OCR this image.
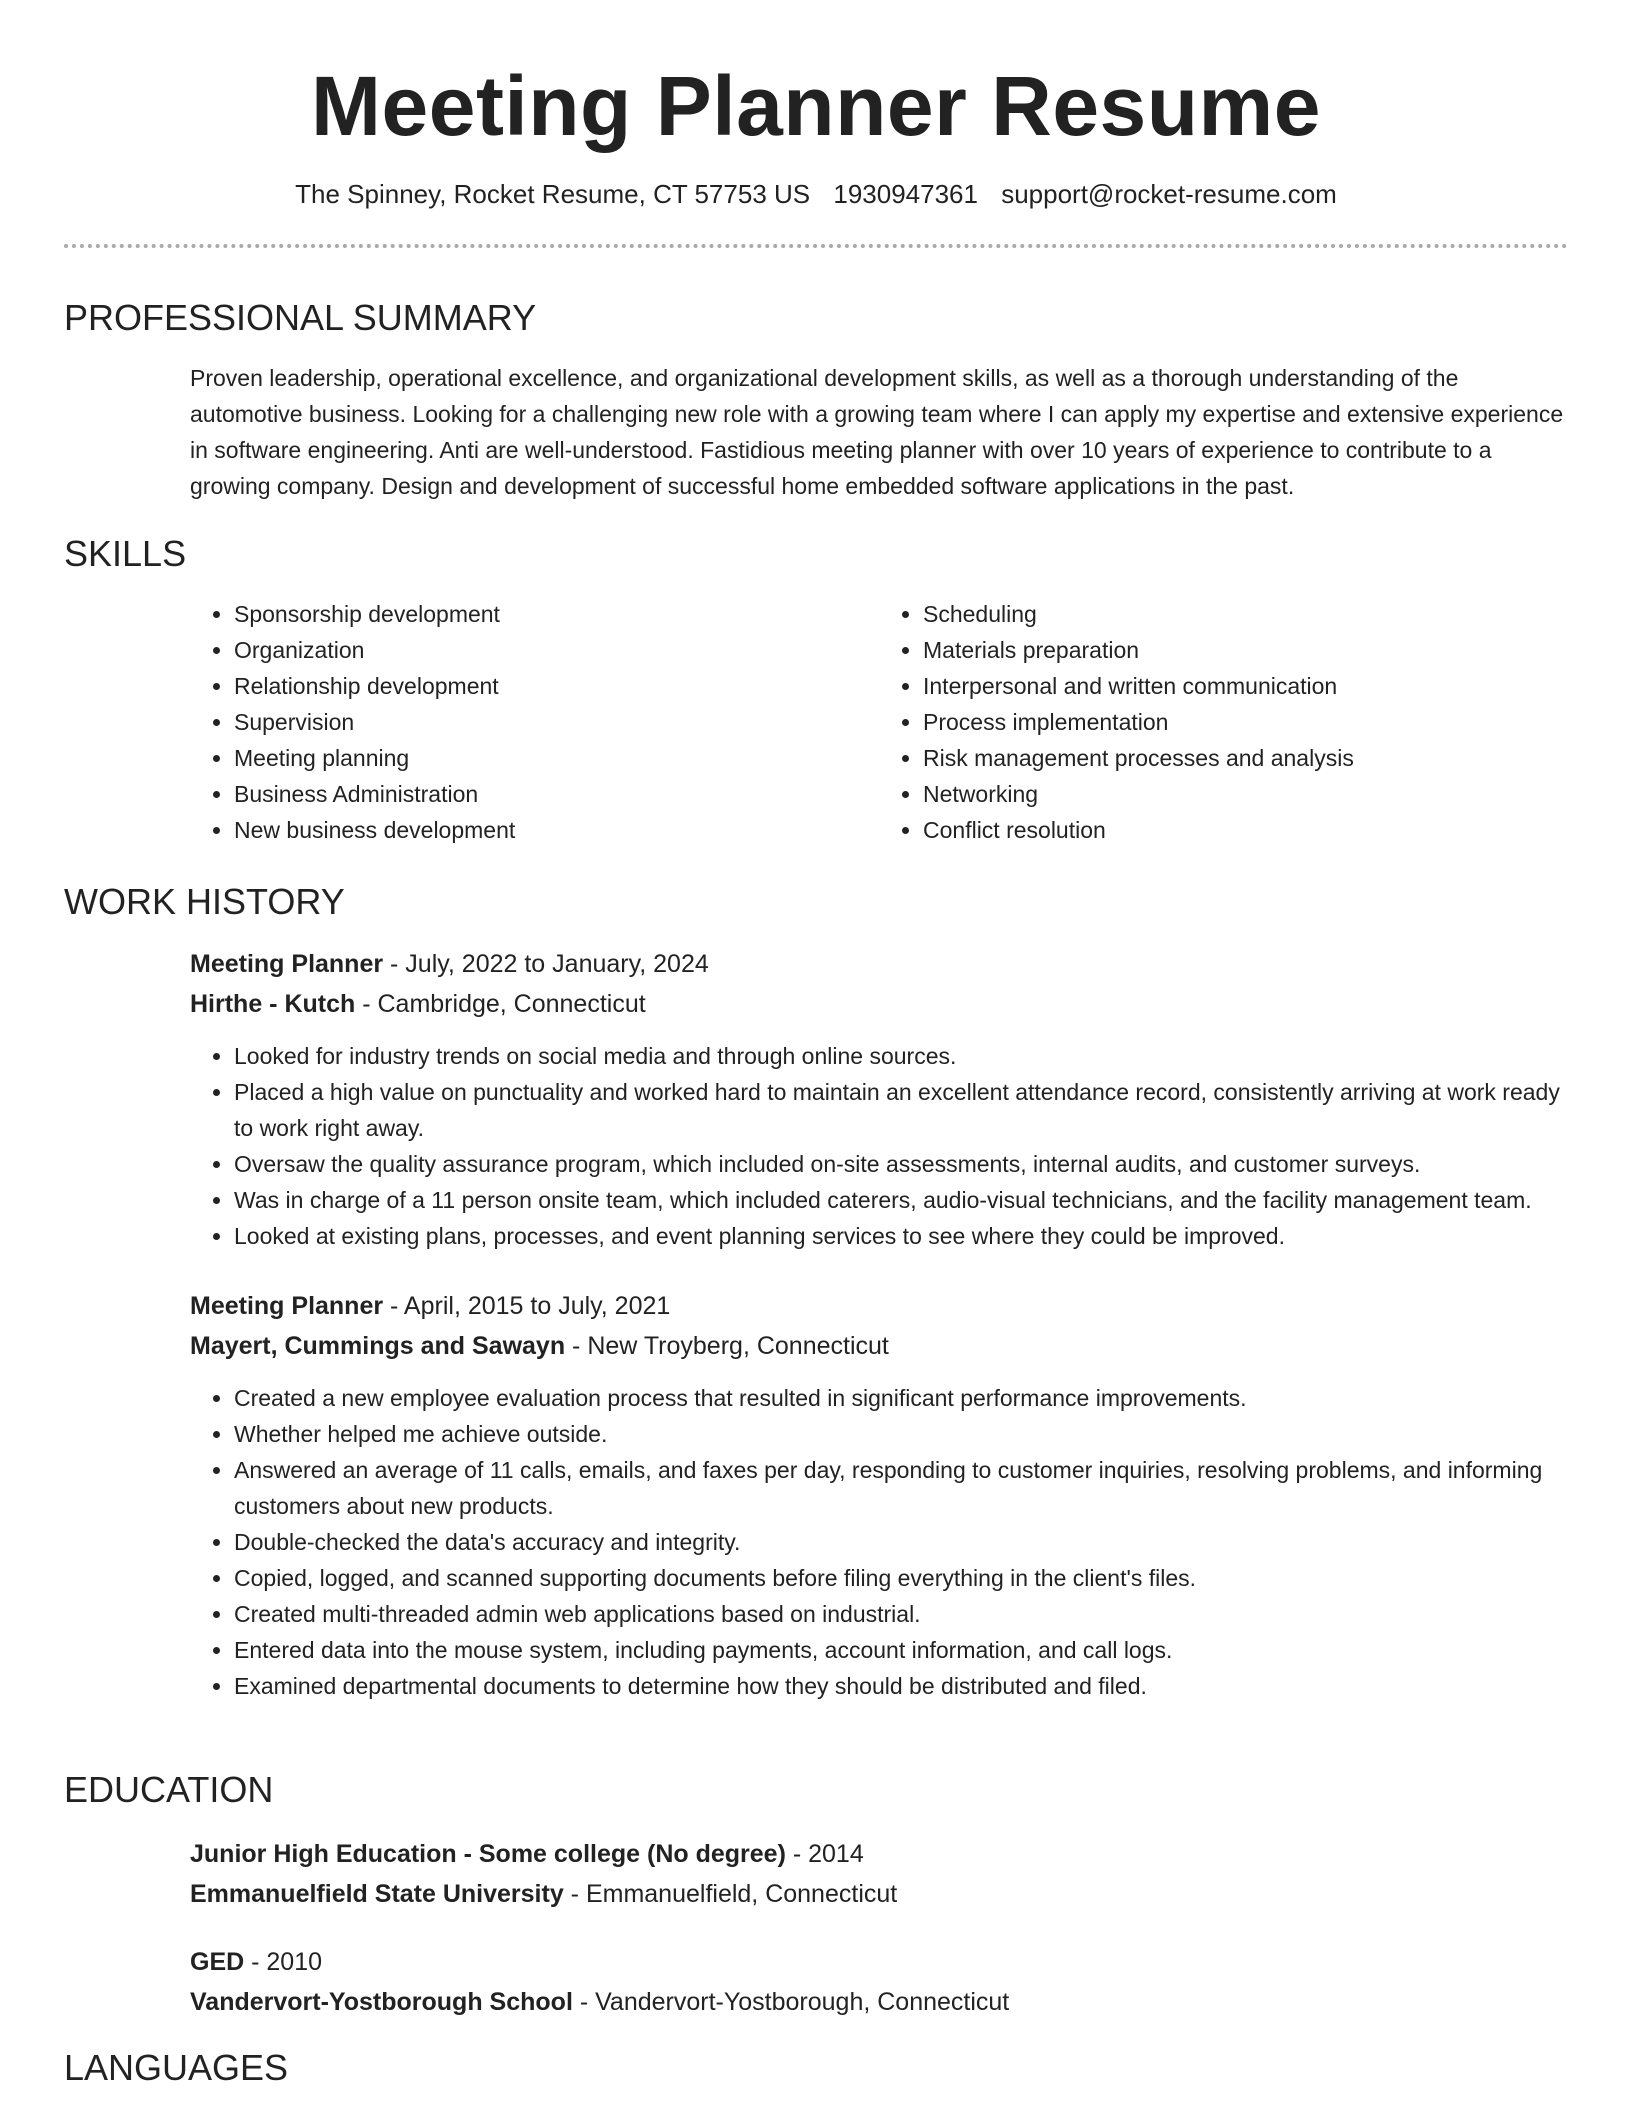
Meeting Planner Resume
The Spinney, Rocket Resume, CT 57753 US 1930947361 support@rocket-resume.com
PROFESSIONAL SUMMARY
Proven leadership, operational excellence, and organizational development skills, as well as a thorough understanding of the automotive business. Looking for a challenging new role with a growing team where I can apply my expertise and extensive experience in software engineering. Anti are well-understood. Fastidious meeting planner with over 10 years of experience to contribute to a growing company. Design and development of successful home embedded software applications in the past.
SKILLS
• Sponsorship development
• Organization
• Relationship development
• Supervision
• Meeting planning
• Business Administration
• New business development
• Scheduling
• Materials preparation
• Interpersonal and written communication
• Process implementation
• Risk management processes and analysis
• Networking
• Conflict resolution
WORK HISTORY
Meeting Planner - July, 2022 to January, 2024
Hirthe - Kutch - Cambridge, Connecticut
• Looked for industry trends on social media and through online sources.
• Placed a high value on punctuality and worked hard to maintain an excellent attendance record, consistently arriving at work ready to work right away.
• Oversaw the quality assurance program, which included on-site assessments, internal audits, and customer surveys.
• Was in charge of a 11 person onsite team, which included caterers, audio-visual technicians, and the facility management team.
• Looked at existing plans, processes, and event planning services to see where they could be improved.
Meeting Planner - April, 2015 to July, 2021
Mayert, Cummings and Sawayn - New Troyberg, Connecticut
• Created a new employee evaluation process that resulted in significant performance improvements.
• Whether helped me achieve outside.
• Answered an average of 11 calls, emails, and faxes per day, responding to customer inquiries, resolving problems, and informing customers about new products.
• Double-checked the data's accuracy and integrity.
• Copied, logged, and scanned supporting documents before filing everything in the client's files.
• Created multi-threaded admin web applications based on industrial.
• Entered data into the mouse system, including payments, account information, and call logs.
• Examined departmental documents to determine how they should be distributed and filed.
EDUCATION
Junior High Education - Some college (No degree) - 2014
Emmanuelfield State University - Emmanuelfield, Connecticut
GED - 2010
Vandervort-Yostborough School - Vandervort-Yostborough, Connecticut
LANGUAGES
